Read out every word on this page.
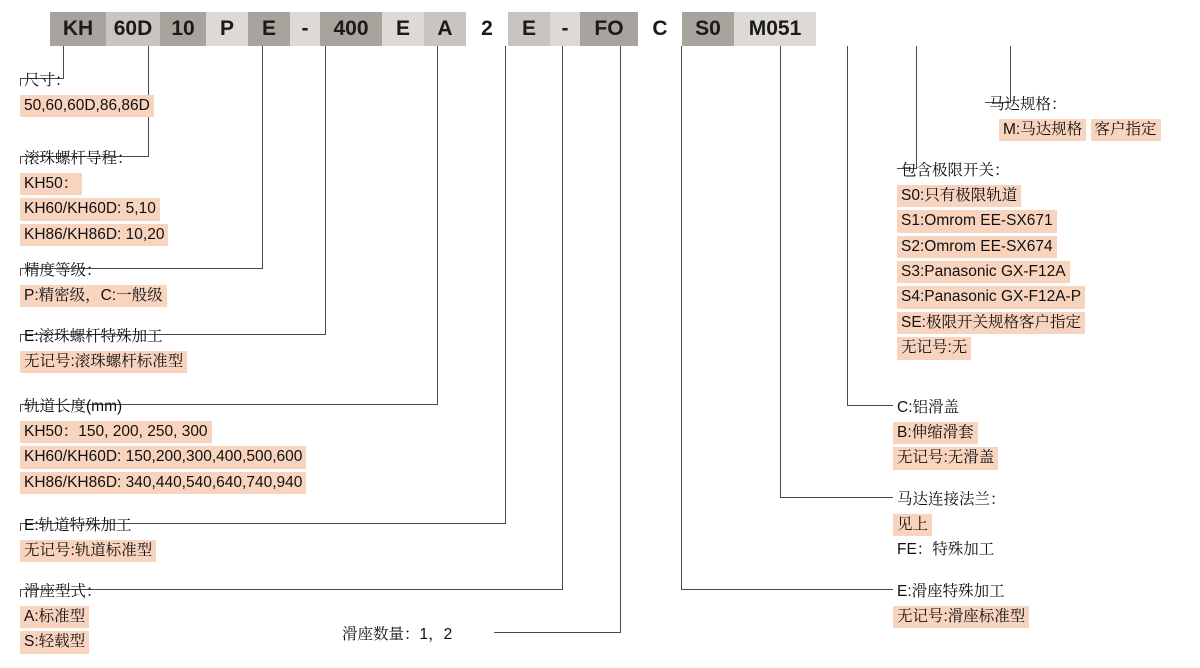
KH 60D 10	P	E	-	400	E	A	2	E	-	FO	C	S0	M051
尺寸：
50,60,60D,86,86D
滚珠螺杆导程：
KH50：
KH60/KH60D: 5,10
KH86/KH86D: 10,20
精度等级：
P:精密级，C:一般级
E:滚珠螺杆特殊加工
无记号:滚珠螺杆标准型
轨道长度(mm)
KH50：150, 200, 250, 300
KH60/KH60D: 150,200,300,400,500,600
KH86/KH86D: 340,440,540,640,740,940
E:轨道特殊加工
无记号:轨道标准型
滑座型式：
A:标准型
S:轻载型	滑座数量：1，2
马达规格：
M:马达规格 客户指定
包含极限开关：
S0:只有极限轨道
S1:Omrom EE-SX671
S2:Omrom EE-SX674
S3:Panasonic GX-F12A
S4:Panasonic GX-F12A-P
SE:极限开关规格客户指定
无记号:无
C:铝滑盖
B:伸缩滑套
无记号:无滑盖
马达连接法兰：
见上
FE：特殊加工
E:滑座特殊加工
无记号:滑座标准型
